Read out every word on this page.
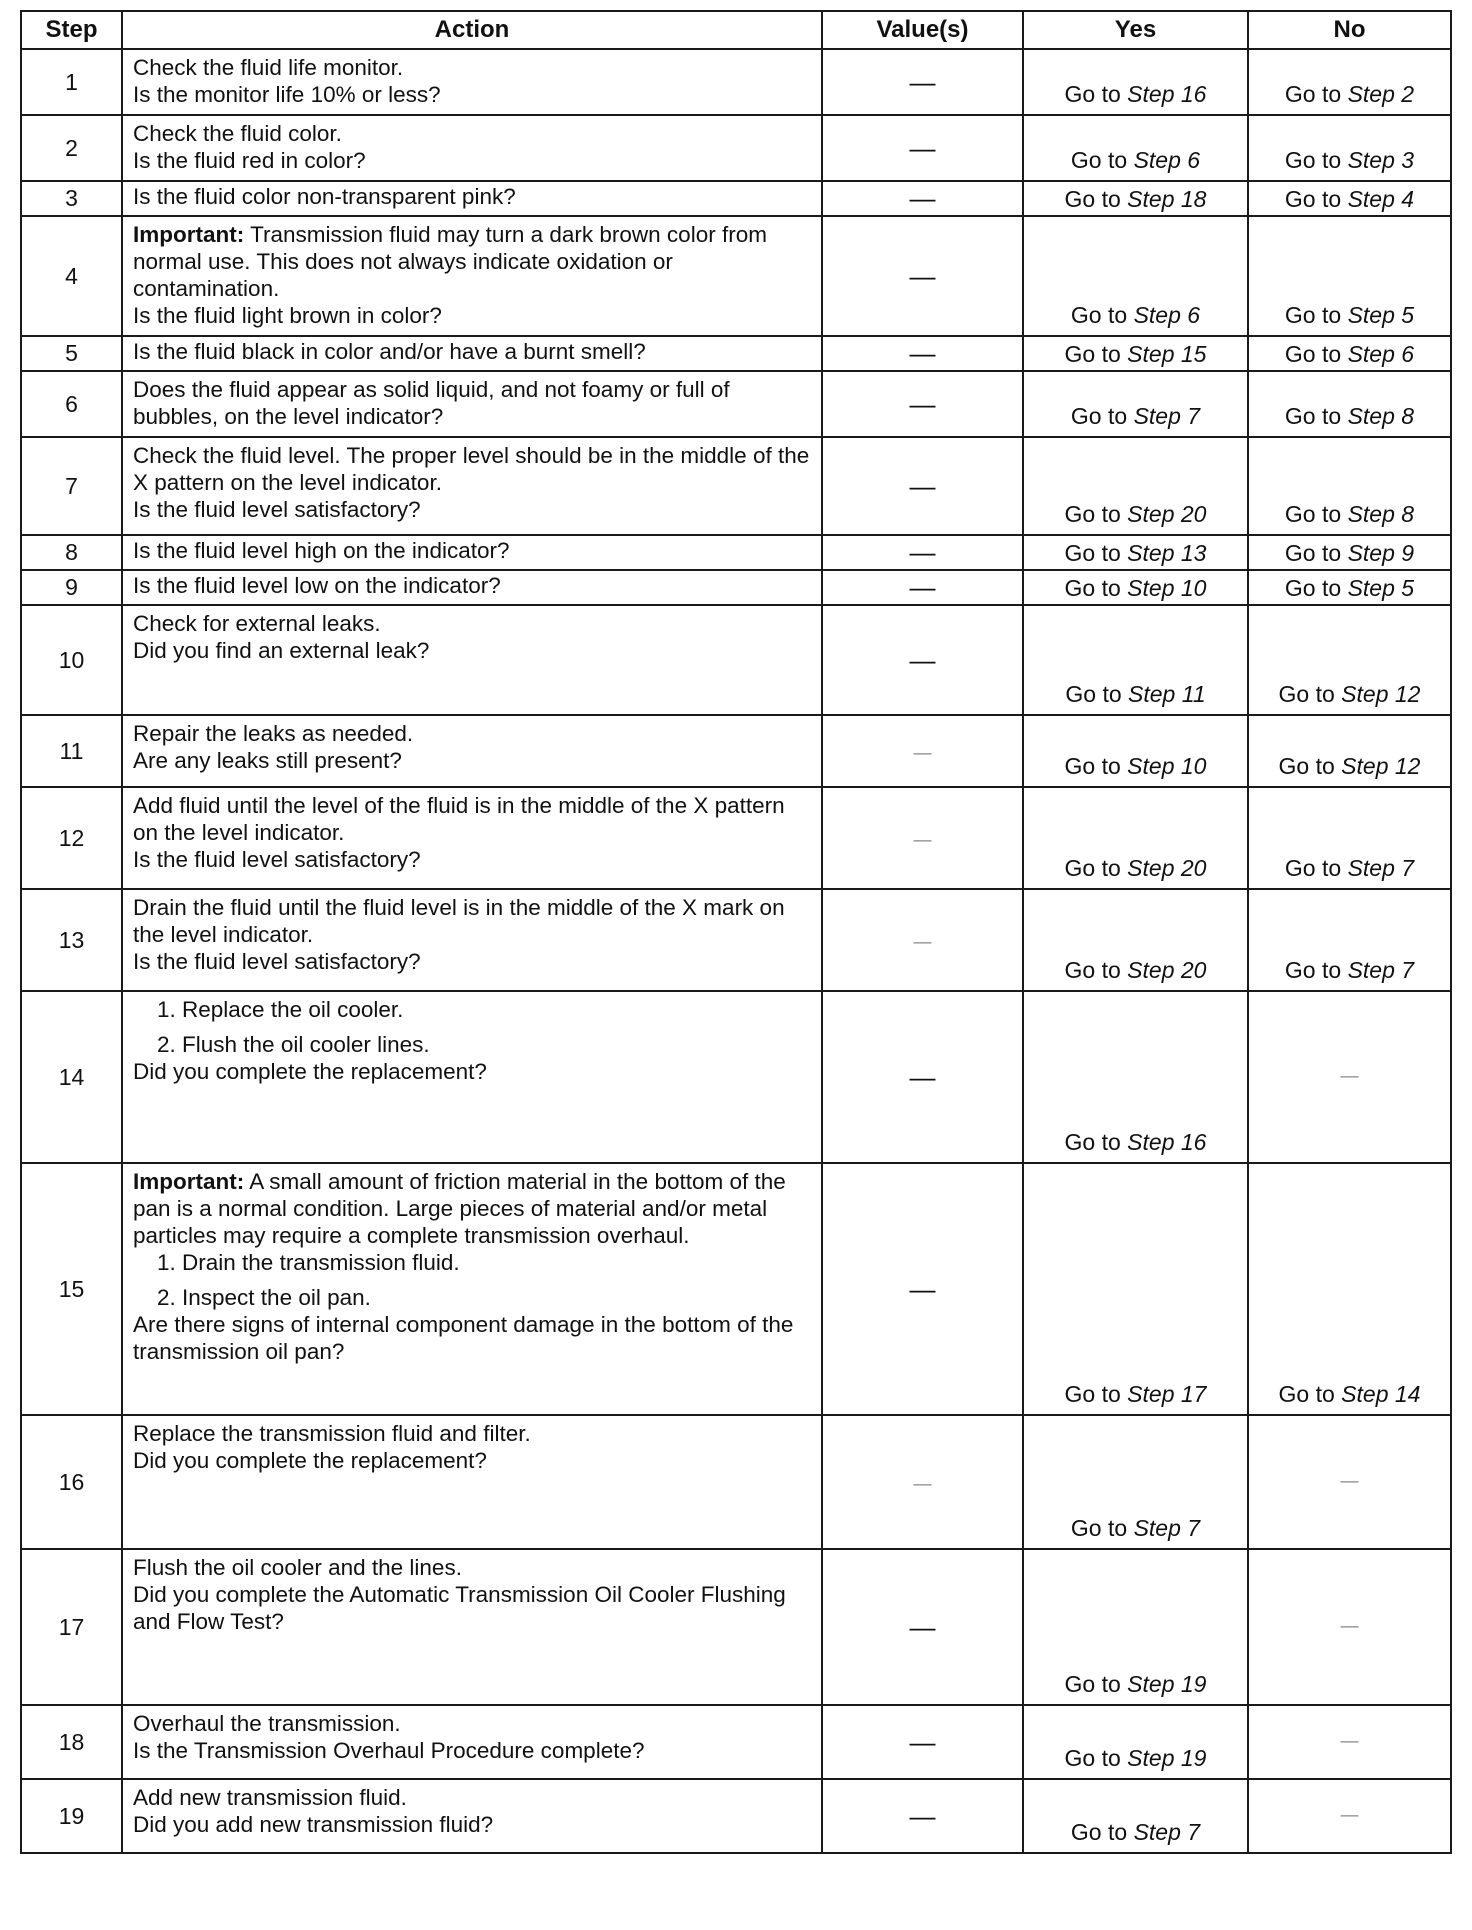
Step	Action	Value(s)	Yes	No
1	Check the fluid life monitor.
Is the monitor life 10% or less?	—	Go to Step 16	Go to Step 2
2	Check the fluid color.
Is the fluid red in color?	—	Go to Step 6	Go to Step 3
3	Is the fluid color non-transparent pink?	—	Go to Step 18	Go to Step 4
4	Important: Transmission fluid may turn a dark brown color from normal use. This does not always indicate oxidation or contamination.
Is the fluid light brown in color?	—	Go to Step 6	Go to Step 5
5	Is the fluid black in color and/or have a burnt smell?	—	Go to Step 15	Go to Step 6
6	Does the fluid appear as solid liquid, and not foamy or full of bubbles, on the level indicator?	—	Go to Step 7	Go to Step 8
7	Check the fluid level. The proper level should be in the middle of the X pattern on the level indicator.
Is the fluid level satisfactory?	—	Go to Step 20	Go to Step 8
8	Is the fluid level high on the indicator?	—	Go to Step 13	Go to Step 9
9	Is the fluid level low on the indicator?	—	Go to Step 10	Go to Step 5
10	Check for external leaks.
Did you find an external leak?	—	Go to Step 11	Go to Step 12
11	Repair the leaks as needed.
Are any leaks still present?	—	Go to Step 10	Go to Step 12
12	Add fluid until the level of the fluid is in the middle of the X pattern on the level indicator.
Is the fluid level satisfactory?	—	Go to Step 20	Go to Step 7
13	Drain the fluid until the fluid level is in the middle of the X mark on the level indicator.
Is the fluid level satisfactory?	—	Go to Step 20	Go to Step 7
14	1. Replace the oil cooler.
2. Flush the oil cooler lines.
Did you complete the replacement?	—	Go to Step 16	—
15	Important: A small amount of friction material in the bottom of the pan is a normal condition. Large pieces of material and/or metal particles may require a complete transmission overhaul.
1. Drain the transmission fluid.
2. Inspect the oil pan.
Are there signs of internal component damage in the bottom of the transmission oil pan?	—	Go to Step 17	Go to Step 14
16	Replace the transmission fluid and filter.
Did you complete the replacement?	—	Go to Step 7	—
17	Flush the oil cooler and the lines.
Did you complete the Automatic Transmission Oil Cooler Flushing and Flow Test?	—	Go to Step 19	—
18	Overhaul the transmission.
Is the Transmission Overhaul Procedure complete?	—	Go to Step 19	—
19	Add new transmission fluid.
Did you add new transmission fluid?	—	Go to Step 7	—
